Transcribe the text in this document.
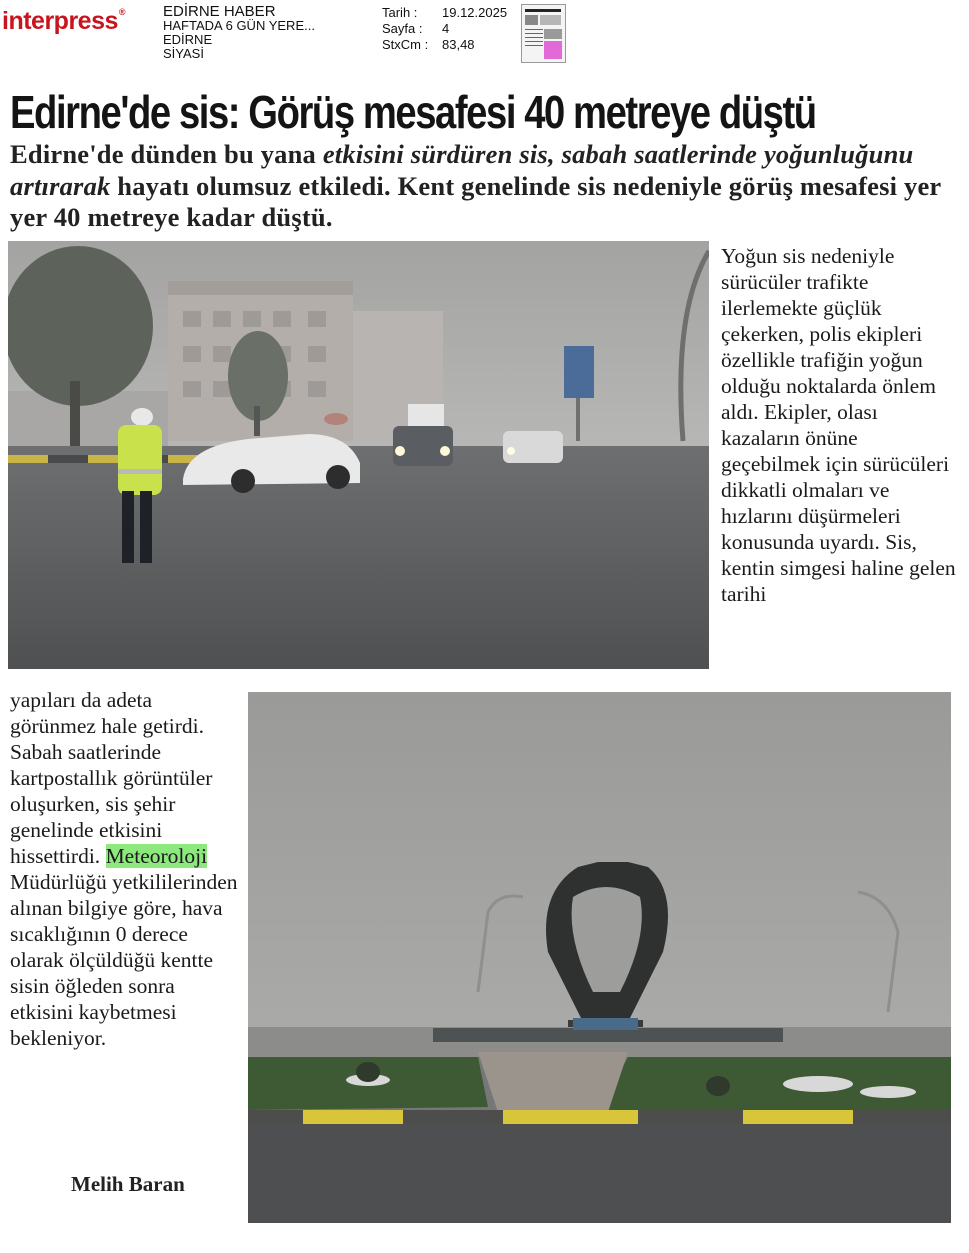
interpress®	EDİRNE HABER
HAFTADA 6 GÜN YERE...
EDİRNE
SİYASİ
Tarih :	19.12.2025
Sayfa :	4
StxCm :	83,48
Edirne'de sis: Görüş mesafesi 40 metreye düştü
Edirne'de dünden bu yana etkisini sürdüren sis, sabah saatlerinde yoğunluğunu artırarak hayatı olumsuz etkiledi. Kent genelinde sis nedeniyle görüş mesafesi yer yer 40 metreye kadar düştü.

Yoğun sis nedeniyle sürücüler trafikte ilerlemekte güçlük çekerken, polis ekipleri özellikle trafiğin yoğun olduğu noktalarda önlem aldı. Ekipler, olası kazaların önüne geçebilmek için sürücüleri dikkatli olmaları ve hızlarını düşürmeleri konusunda uyardı. Sis, kentin simgesi haline gelen tarihi

yapıları da adeta görünmez hale getirdi. Sabah saatlerinde kartpostallık görüntüler oluşurken, sis şehir genelinde etkisini hissettirdi. Meteoroloji Müdürlüğü yetkililerinden alınan bilgiye göre, hava sıcaklığının 0 derece olarak ölçüldüğü kentte sisin öğleden sonra etkisini kaybetmesi bekleniyor.

Melih Baran
